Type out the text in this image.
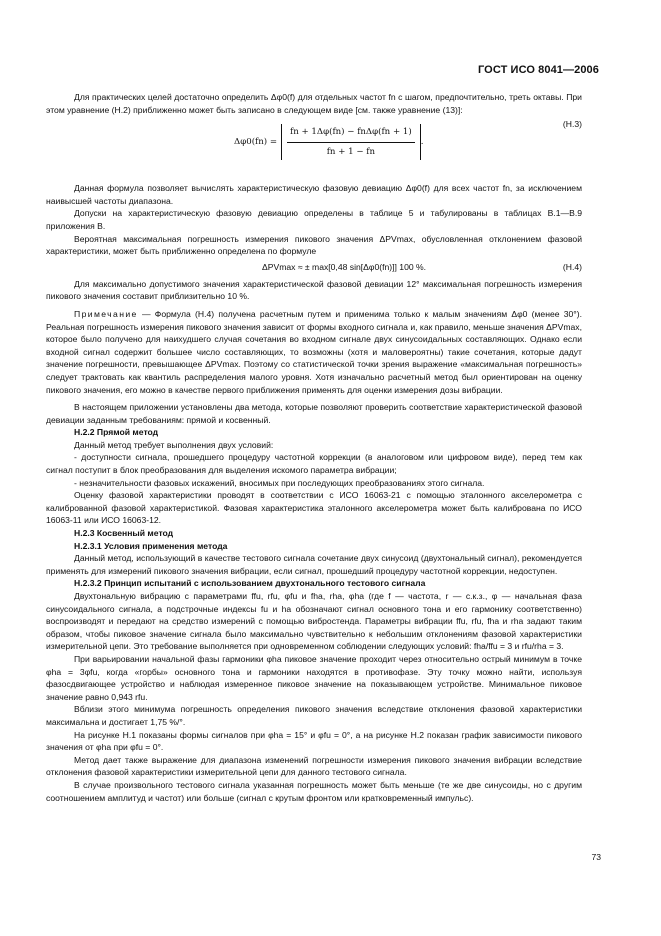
ГОСТ ИСО 8041—2006

Для практических целей достаточно определить Δφ0(f) для отдельных частот fn с шагом, предпочтительно, треть октавы. При этом уравнение (Н.2) приближенно может быть записано в следующем виде [см. также уравнение (13)]:

$\Delta\varphi 0(fn) = \frac{\text{fn + 1Δφ(fn) − fnΔφ(fn + 1)}}{fn + 1 - fn}$ .
(Н.3)

Данная формула позволяет вычислять характеристическую фазовую девиацию Δφ0(f) для всех частот fn, за исключением наивысшей частоты диапазона.

Допуски на характеристическую фазовую девиацию определены в таблице 5 и табулированы в таблицах В.1—В.9 приложения В.

Вероятная максимальная погрешность измерения пикового значения ΔPVmax, обусловленная отклонением фазовой характеристики, может быть приближенно определена по формуле

ΔPVmax ≈ ± max[0,48 sin[Δφ0(fn)]] 100 %.	(Н.4)

Для максимально допустимого значения характеристической фазовой девиации 12° максимальная погрешность измерения пикового значения составит приблизительно 10 %.

Примечание — Формула (Н.4) получена расчетным путем и применима только к малым значениям Δφ0 (менее 30°). Реальная погрешность измерения пикового значения зависит от формы входного сигнала и, как правило, меньше значения ΔPVmax, которое было получено для наихудшего случая сочетания во входном сигнале двух синусоидальных составляющих. Однако если входной сигнал содержит большее число составляющих, то возможны (хотя и маловероятны) такие сочетания, которые дадут значение погрешности, превышающее ΔPVmax. Поэтому со статистической точки зрения выражение «максимальная погрешность» следует трактовать как квантиль распределения малого уровня. Хотя изначально расчетный метод был ориентирован на оценку пикового значения, его можно в качестве первого приближения применять для оценки измерения дозы вибрации.

В настоящем приложении установлены два метода, которые позволяют проверить соответствие характеристической фазовой девиации заданным требованиям: прямой и косвенный.

Н.2.2 Прямой метод

Данный метод требует выполнения двух условий:

- доступности сигнала, прошедшего процедуру частотной коррекции (в аналоговом или цифровом виде), перед тем как сигнал поступит в блок преобразования для выделения искомого параметра вибрации;

- незначительности фазовых искажений, вносимых при последующих преобразованиях этого сигнала.

Оценку фазовой характеристики проводят в соответствии с ИСО 16063-21 с помощью эталонного акселерометра с калиброванной фазовой характеристикой. Фазовая характеристика эталонного акселерометра может быть калибрована по ИСО 16063-11 или ИСО 16063-12.

Н.2.3 Косвенный метод

Н.2.3.1 Условия применения метода

Данный метод, использующий в качестве тестового сигнала сочетание двух синусоид (двухтональный сигнал), рекомендуется применять для измерений пикового значения вибрации, если сигнал, прошедший процедуру частотной коррекции, недоступен.

Н.2.3.2 Принцип испытаний с использованием двухтонального тестового сигнала

Двухтональную вибрацию с параметрами ffu, rfu, φfu и fha, rha, φha (где f — частота, r — с.к.з., φ — начальная фаза синусоидального сигнала, а подстрочные индексы fu и ha обозначают сигнал основного тона и его гармонику соответственно) воспроизводят и передают на средство измерений с помощью вибростенда. Параметры вибрации ffu, rfu, fha и rha задают таким образом, чтобы пиковое значение сигнала было максимально чувствительно к небольшим отклонениям фазовой характеристики измерительной цепи. Это требование выполняется при одновременном соблюдении следующих условий: fha/ffu = 3 и rfu/rha = 3.

При варьировании начальной фазы гармоники φha пиковое значение проходит через относительно острый минимум в точке φha = 3φfu, когда «горбы» основного тона и гармоники находятся в противофазе. Эту точку можно найти, используя фазосдвигающее устройство и наблюдая измеренное пиковое значение на показывающем устройстве. Минимальное пиковое значение равно 0,943 rfu.

Вблизи этого минимума погрешность определения пикового значения вследствие отклонения фазовой характеристики максимальна и достигает 1,75 %/°.

На рисунке Н.1 показаны формы сигналов при φha = 15° и φfu = 0°, а на рисунке Н.2 показан график зависимости пикового значения от φha при φfu = 0°.

Метод дает также выражение для диапазона изменений погрешности измерения пикового значения вибрации вследствие отклонения фазовой характеристики измерительной цепи для данного тестового сигнала.

В случае произвольного тестового сигнала указанная погрешность может быть меньше (те же две синусоиды, но с другим соотношением амплитуд и частот) или больше (сигнал с крутым фронтом или кратковременный импульс).

73
